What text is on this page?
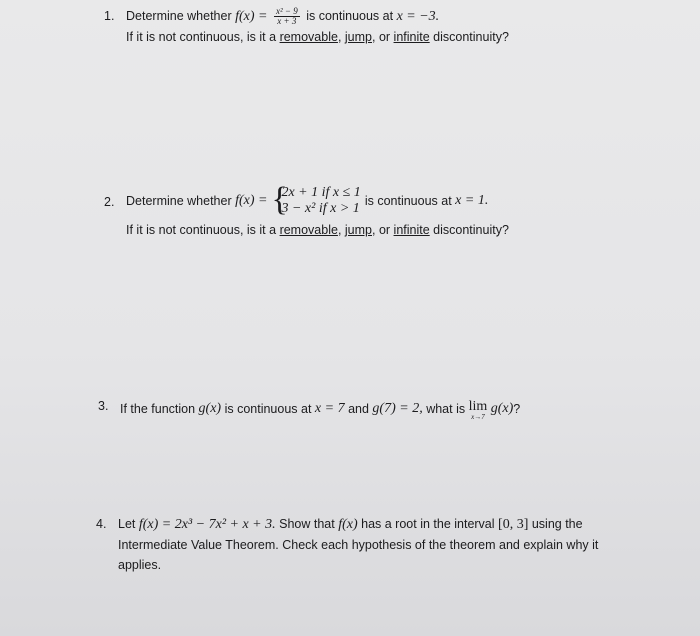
1. Determine whether $f(x) = \frac{\text{x² − 9}}{x + 3}$ is continuous at x = −3.
If it is not continuous, is it a removable, jump, or infinite discontinuity?
2. Determine whether
f(x) = {
2x + 1 if x ≤ 1
3 − x² if x > 1 is continuous at
x = 1.
If it is not continuous, is it a removable, jump, or infinite discontinuity?
3. If the function
g(x)
is continuous at
x = 7
and
g(7) = 2,
what is
lim
x→7

g(x) ?
4. Let f(x) = 2x³ − 7x² + x + 3. Show that f(x) has a root in the interval [0, 3] using the
Intermediate Value Theorem. Check each hypothesis of the theorem and explain why it
applies.
